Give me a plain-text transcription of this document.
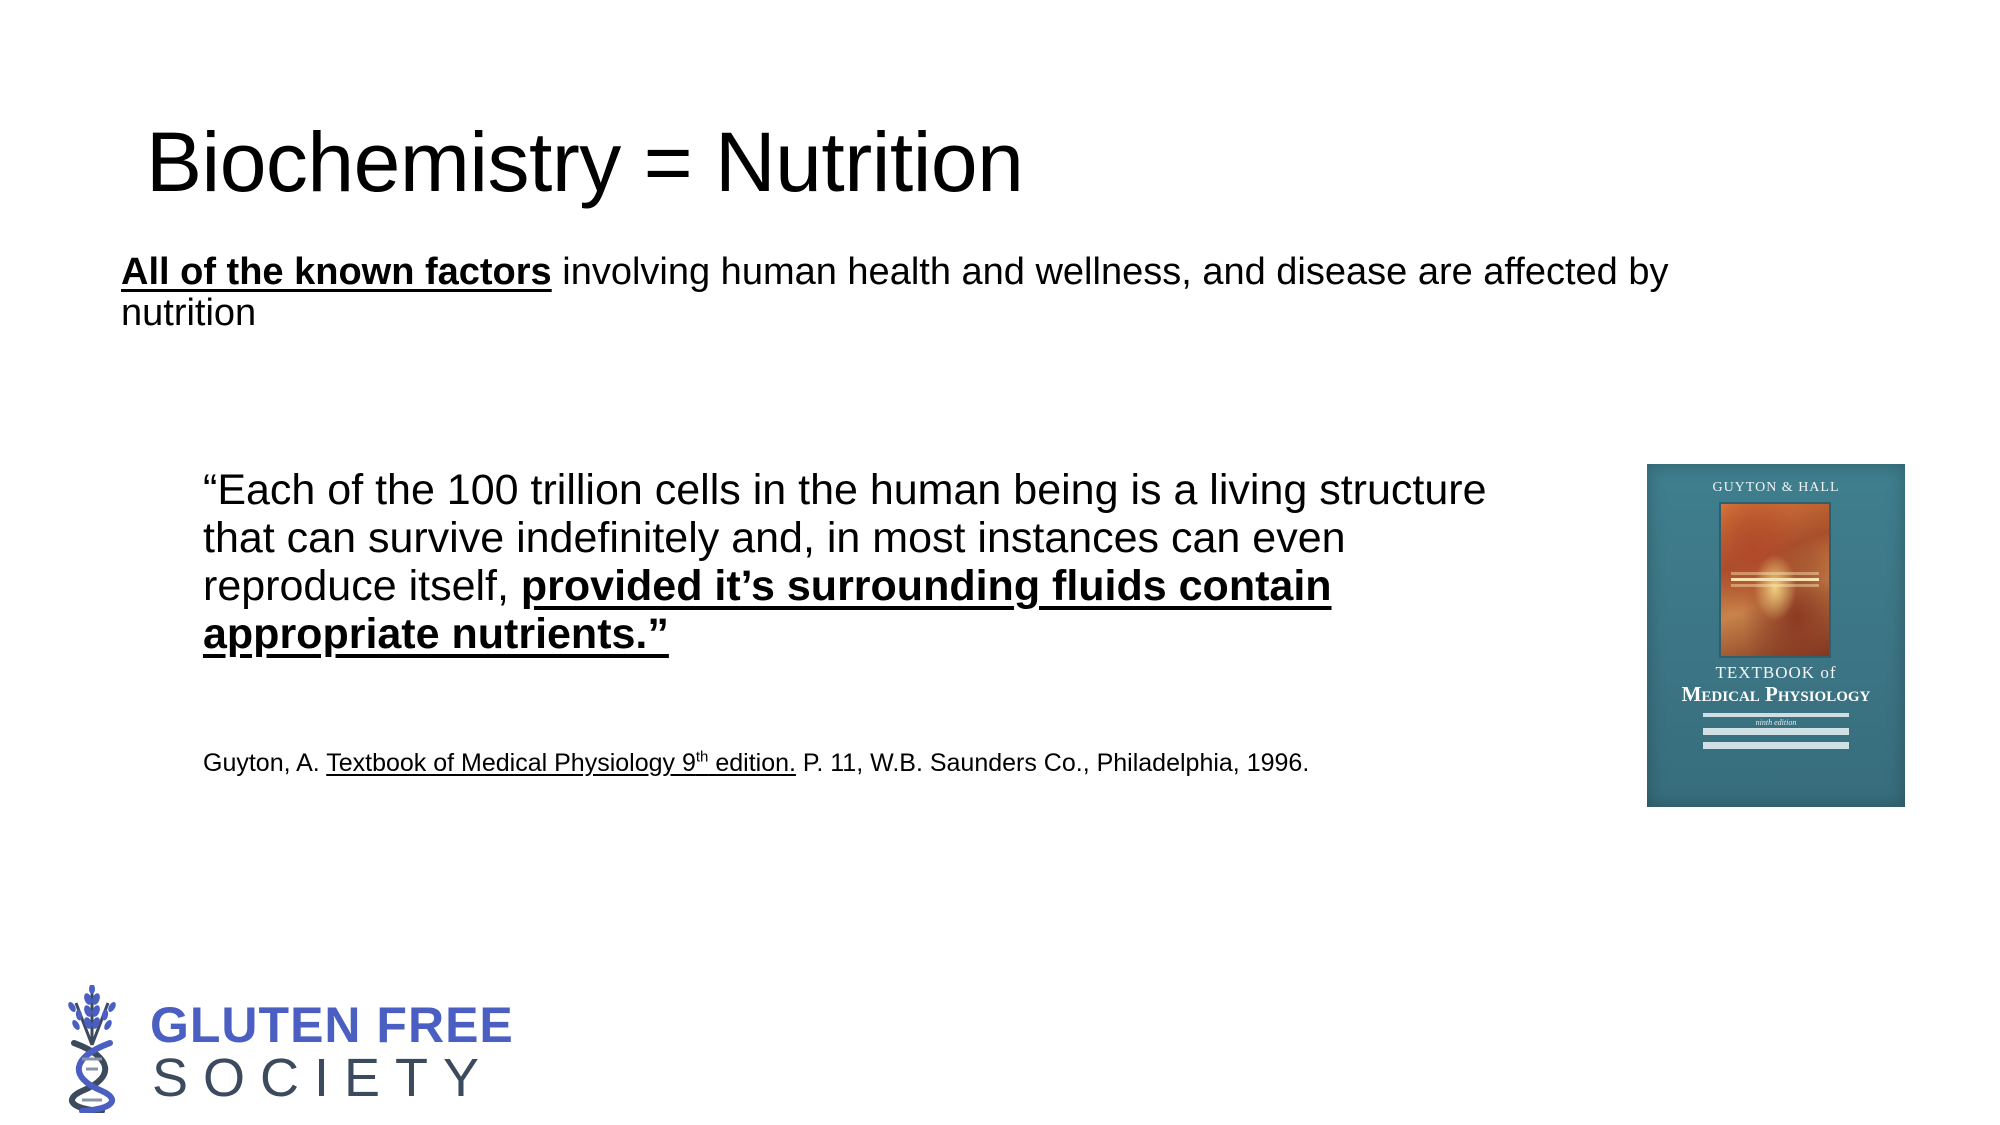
Biochemistry = Nutrition
All of the known factors involving human health and wellness, and disease are affected by nutrition
“Each of the 100 trillion cells in the human being is a living structure that can survive indefinitely and, in most instances can even reproduce itself, provided it’s surrounding fluids contain appropriate nutrients.”
Guyton, A. Textbook of Medical Physiology 9th edition. P. 11, W.B. Saunders Co., Philadelphia, 1996.
GUYTON & HALL
TEXTBOOK of
Medical Physiology
ninth edition
GLUTEN FREE
SOCIETY
